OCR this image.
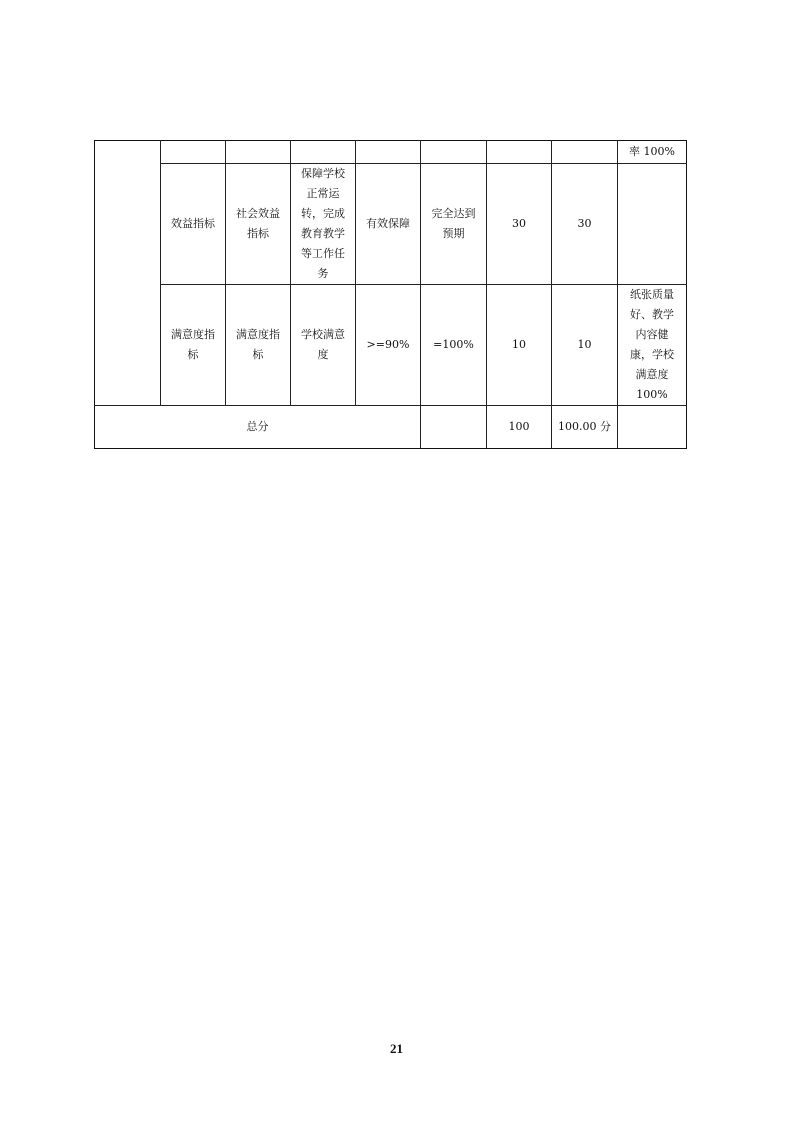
								率 100%
	效益指标	社会效益指标	保障学校正常运转，完成教育教学等工作任务	有效保障	完全达到预期	30	30	
	满意度指标	满意度指标	学校满意度	>=90%	=100%	10	10	纸张质量好、教学内容健康，学校满意度100%
总分						100	100.00 分	
21
